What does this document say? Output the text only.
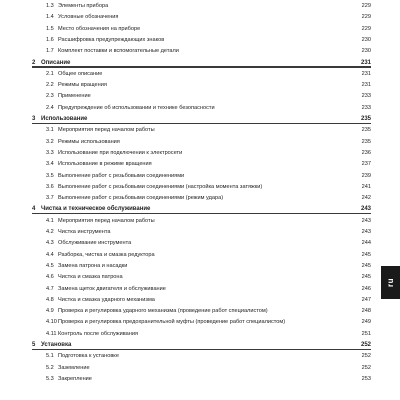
1.3 Элементы прибора	229
1.4 Условные обозначения	229
1.5 Место обозначения на приборе	229
1.6 Расшифровка предупреждающих знаков	230
1.7 Комплект поставки и вспомогательные детали	230
2 Описание	231
2.1 Общее описание	231
2.2 Режимы вращения	231
2.3 Применение	233
2.4 Предупреждение об использовании и технике безопасности	233
3 Использование	235
3.1 Мероприятия перед началом работы	235
3.2 Режимы использования	235
3.3 Использование при подключении к электросети	236
3.4 Использование в режиме вращения	237
3.5 Выполнение работ с резьбовыми соединениями	239
3.6 Выполнение работ с резьбовыми соединениями (настройка момента затяжки)	241
3.7 Выполнение работ с резьбовыми соединениями (режим удара)	242
4 Чистка и техническое обслуживание	243
4.1 Мероприятия перед началом работы	243
4.2 Чистка инструмента	243
4.3 Обслуживание инструмента	244
4.4 Разборка, чистка и смазка редуктора	245
4.5 Замена патрона и насадки	245
4.6 Чистка и смазка патрона	245
4.7 Замена щеток двигателя и обслуживание	246
4.8 Чистка и смазка ударного механизма	247
4.9 Проверка и регулировка ударного механизма (проведение работ специалистом)	248
4.10 Проверка и регулировка предохранительной муфты (проведение работ специалистом)	249
4.11 Контроль после обслуживания	251
5 Установка	252
5.1 Подготовка к установке	252
5.2 Заземление	252
5.3 Закрепление	253
ru
